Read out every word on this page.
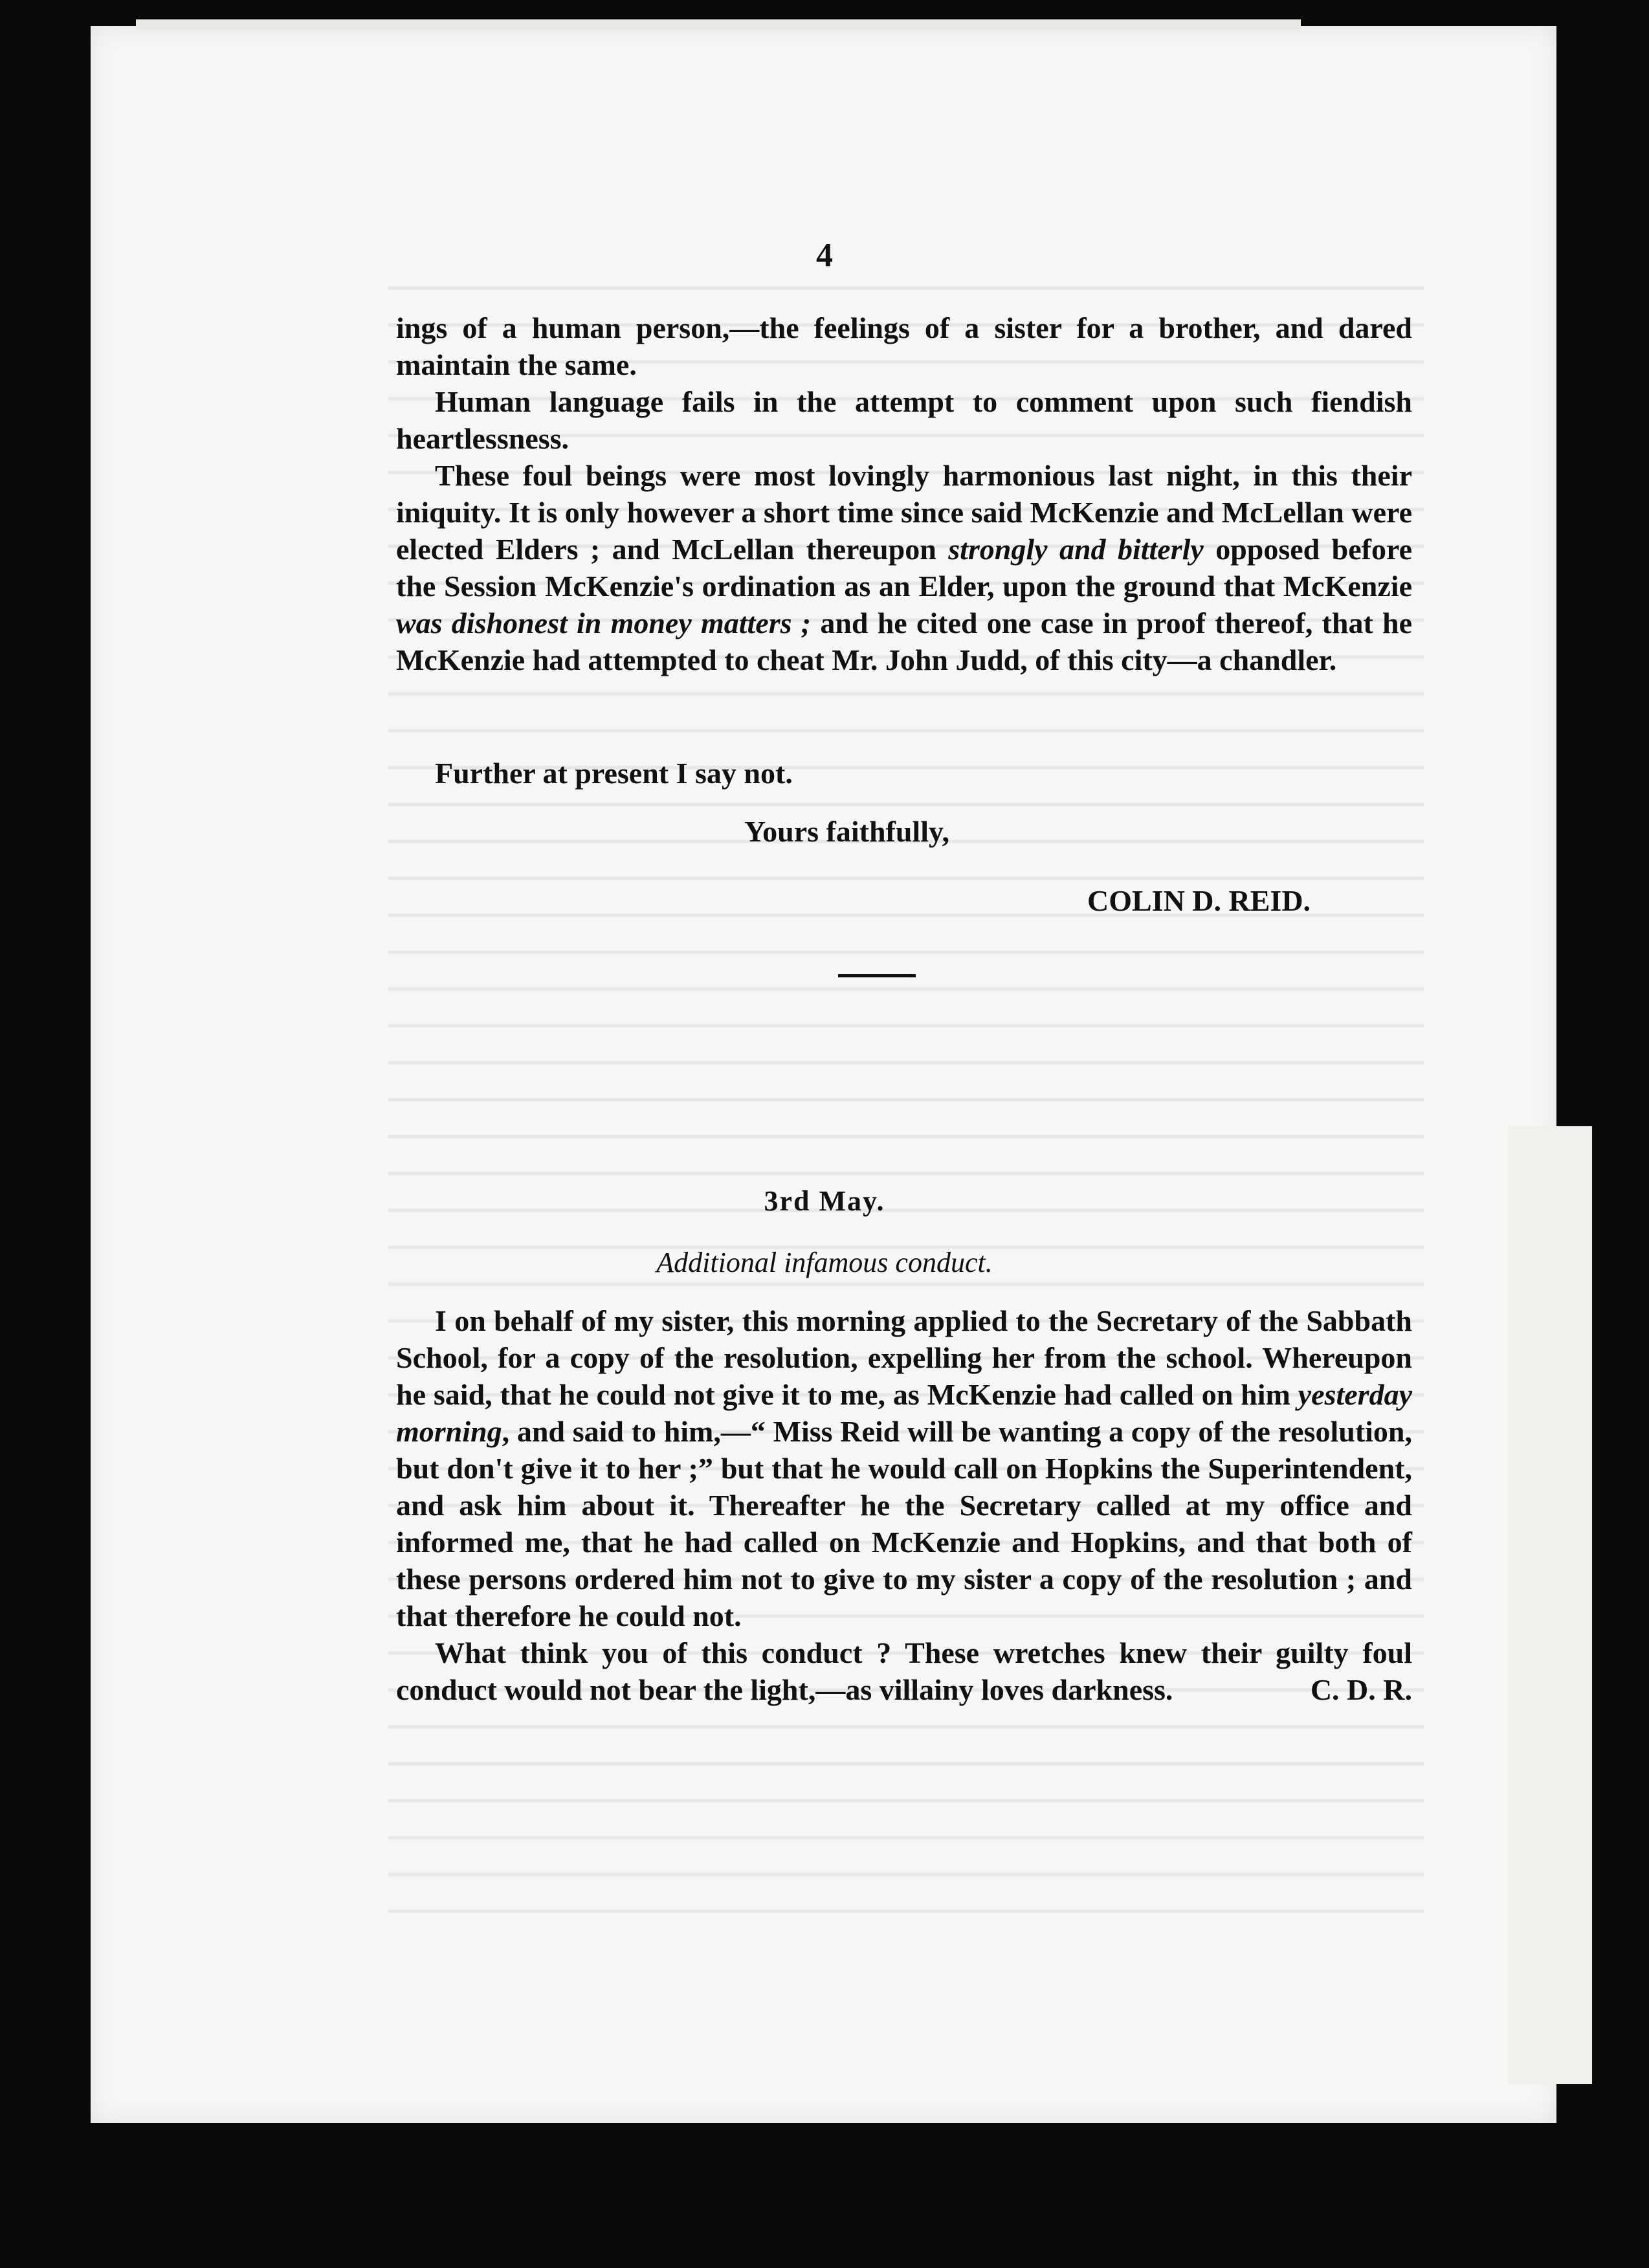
4

ings of a human person,—the feelings of a sister for a brother, and dared maintain the same.

Human language fails in the attempt to comment upon such fiendish heartlessness.

These foul beings were most lovingly harmonious last night, in this their iniquity. It is only however a short time since said McKenzie and McLellan were elected Elders ; and McLellan thereupon strongly and bitterly opposed before the Session McKenzie's ordination as an Elder, upon the ground that McKenzie was dishonest in money matters ; and he cited one case in proof thereof, that he McKenzie had attempted to cheat Mr. John Judd, of this city—a chandler.

Further at present I say not.
Yours faithfully,
COLIN D. REID.
3rd May.
Additional infamous conduct.

I on behalf of my sister, this morning applied to the Secretary of the Sabbath School, for a copy of the resolution, expelling her from the school. Whereupon he said, that he could not give it to me, as McKenzie had called on him yesterday morning, and said to him,—“ Miss Reid will be wanting a copy of the resolution, but don't give it to her ;” but that he would call on Hopkins the Superintendent, and ask him about it. Thereafter he the Secretary called at my office and informed me, that he had called on McKenzie and Hopkins, and that both of these persons ordered him not to give to my sister a copy of the resolution ; and that therefore he could not.

What think you of this conduct ? These wretches knew their guilty foul conduct would not bear the light,—as villainy loves darkness.	C. D. R.
